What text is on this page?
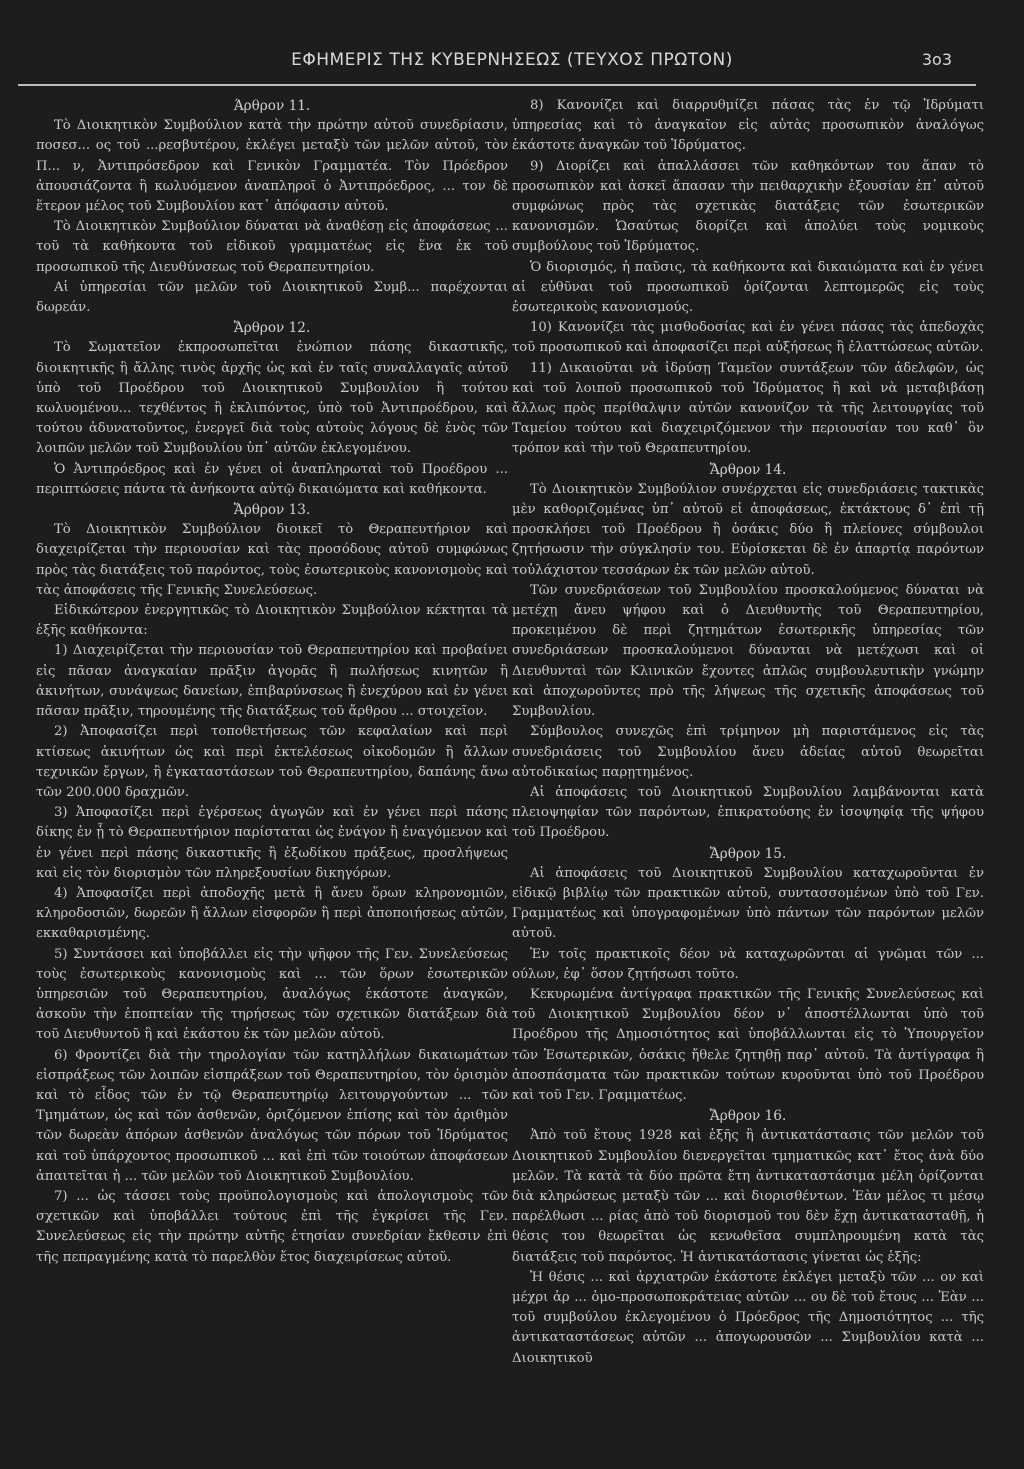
ΕΦΗΜΕΡΙΣ ΤΗΣ ΚΥΒΕΡΝΗΣΕΩΣ (ΤΕΥΧΟΣ ΠΡΩΤΟΝ)	3ο3

Άρθρον 11.

Τὸ Διοικητικὸν Συμβούλιον κατὰ τὴν πρώτην αὐτοῦ συνεδρίασιν, ποσεσ... ος τοῦ ...ρεσβυτέρου, ἐκλέγει μεταξὺ τῶν μελῶν αὐτοῦ, τὸν Π... ν, Ἀντιπρόσεδρον καὶ Γενικὸν Γραμματέα. Τὸν Πρόεδρον ἀπουσιάζοντα ἢ κωλυόμενον ἀναπληροῖ ὁ Ἀντιπρόεδρος, ... τον δὲ ἕτερον μέλος τοῦ Συμβουλίου κατ᾿ ἀπόφασιν αὐτοῦ.

Τὸ Διοικητικὸν Συμβούλιον δύναται νὰ ἀναθέσῃ εἰς ἀποφάσεως ... τοῦ τὰ καθήκοντα τοῦ εἰδικοῦ γραμματέως εἰς ἕνα ἐκ τοῦ προσωπικοῦ τῆς Διευθύνσεως τοῦ Θεραπευτηρίου.

Αἱ ὑπηρεσίαι τῶν μελῶν τοῦ Διοικητικοῦ Συμβ... παρέχονται δωρεάν.

Ἄρθρον 12.

Τὸ Σωματεῖον ἐκπροσωπεῖται ἐνώπιον πάσης δικαστικῆς, διοικητικῆς ἢ ἄλλης τινὸς ἀρχῆς ὡς καὶ ἐν ταῖς συναλλαγαῖς αὐτοῦ ὑπὸ τοῦ Προέδρου τοῦ Διοικητικοῦ Συμβουλίου ἢ τούτου κωλυομένου... τεχθέντος ἢ ἐκλιπόντος, ὑπὸ τοῦ Ἀντιπροέδρου, καὶ τούτου ἀδυνατοῦντος, ἐνεργεῖ διὰ τοὺς αὐτοὺς λόγους δὲ ἑνὸς τῶν λοιπῶν μελῶν τοῦ Συμβουλίου ὑπ᾿ αὐτῶν ἐκλεγομένου.

Ὁ Ἀντιπρόεδρος καὶ ἐν γένει οἱ ἀναπληρωταὶ τοῦ Προέδρου ... περιπτώσεις πάντα τὰ ἀνήκοντα αὐτῷ δικαιώματα καὶ καθήκοντα.

Ἄρθρον 13.

Τὸ Διοικητικὸν Συμβούλιον διοικεῖ τὸ Θεραπευτήριον καὶ διαχειρίζεται τὴν περιουσίαν καὶ τὰς προσόδους αὐτοῦ συμφώνως πρὸς τὰς διατάξεις τοῦ παρόντος, τοὺς ἐσωτερικοὺς κανονισμοὺς καὶ τὰς ἀποφάσεις τῆς Γενικῆς Συνελεύσεως.

Εἰδικώτερον ἐνεργητικῶς τὸ Διοικητικὸν Συμβούλιον κέκτηται τὰ ἑξῆς καθήκοντα:

1) Διαχειρίζεται τὴν περιουσίαν τοῦ Θεραπευτηρίου καὶ προβαίνει εἰς πᾶσαν ἀναγκαίαν πρᾶξιν ἀγορᾶς ἢ πωλήσεως κινητῶν ἢ ἀκινήτων, συνάψεως δανείων, ἐπιβαρύνσεως ἢ ἐνεχύρου καὶ ἐν γένει πᾶσαν πρᾶξιν, τηρουμένης τῆς διατάξεως τοῦ ἄρθρου ... στοιχεῖον.

2) Ἀποφασίζει περὶ τοποθετήσεως τῶν κεφαλαίων καὶ περὶ κτίσεως ἀκινήτων ὡς καὶ περὶ ἐκτελέσεως οἰκοδομῶν ἢ ἄλλων τεχνικῶν ἔργων, ἢ ἐγκαταστάσεων τοῦ Θεραπευτηρίου, δαπάνης ἄνω τῶν 200.000 δραχμῶν.

3) Ἀποφασίζει περὶ ἐγέρσεως ἀγωγῶν καὶ ἐν γένει περὶ πάσης δίκης ἐν ᾗ τὸ Θεραπευτήριον παρίσταται ὡς ἐνάγον ἢ ἐναγόμενον καὶ ἐν γένει περὶ πάσης δικαστικῆς ἢ ἐξωδίκου πράξεως, προσλήψεως καὶ εἰς τὸν διορισμὸν τῶν πληρεξουσίων δικηγόρων.

4) Ἀποφασίζει περὶ ἀποδοχῆς μετὰ ἢ ἄνευ ὅρων κληρονομιῶν, κληροδοσιῶν, δωρεῶν ἢ ἄλλων εἰσφορῶν ἢ περὶ ἀποποιήσεως αὐτῶν, εκκαθαρισμένης.

5) Συντάσσει καὶ ὑποβάλλει εἰς τὴν ψῆφον τῆς Γεν. Συνελεύσεως τοὺς ἐσωτερικοὺς κανονισμοὺς καὶ ... τῶν ὅρων ἐσωτερικῶν ὑπηρεσιῶν τοῦ Θεραπευτηρίου, ἀναλόγως ἑκάστοτε ἀναγκῶν, ἀσκοῦν τὴν ἐποπτείαν τῆς τηρήσεως τῶν σχετικῶν διατάξεων διὰ τοῦ Διευθυντοῦ ἢ καὶ ἑκάστου ἐκ τῶν μελῶν αὐτοῦ.

6) Φροντίζει διὰ τὴν τηρολογίαν τῶν κατηλλήλων δικαιωμάτων εἰσπράξεως τῶν λοιπῶν εἰσπράξεων τοῦ Θεραπευτηρίου, τὸν ὁρισμὸν καὶ τὸ εἶδος τῶν ἐν τῷ Θεραπευτηρίῳ λειτουργούντων ... τῶν Τμημάτων, ὡς καὶ τῶν ἀσθενῶν, ὁριζόμενον ἐπίσης καὶ τὸν ἀριθμὸν τῶν δωρεὰν ἀπόρων ἀσθενῶν ἀναλόγως τῶν πόρων τοῦ Ἱδρύματος καὶ τοῦ ὑπάρχοντος προσωπικοῦ ... καὶ ἐπὶ τῶν τοιούτων ἀποφάσεων ἀπαιτεῖται ἡ ... τῶν μελῶν τοῦ Διοικητικοῦ Συμβουλίου.

7) ... ὡς τάσσει τοὺς προϋπολογισμοὺς καὶ ἀπολογισμοὺς τῶν σχετικῶν καὶ ὑποβάλλει τούτους ἐπὶ τῆς ἐγκρίσει τῆς Γεν. Συνελεύσεως εἰς τὴν πρώτην αὐτῆς ἐτησίαν συνεδρίαν ἔκθεσιν ἐπὶ τῆς πεπραγμένης κατὰ τὸ παρελθὸν ἔτος διαχειρίσεως αὐτοῦ.

8) Κανονίζει καὶ διαρρυθμίζει πάσας τὰς ἐν τῷ Ἱδρύματι ὑπηρεσίας καὶ τὸ ἀναγκαῖον εἰς αὐτὰς προσωπικὸν ἀναλόγως ἑκάστοτε ἀναγκῶν τοῦ Ἱδρύματος.

9) Διορίζει καὶ ἀπαλλάσσει τῶν καθηκόντων του ἅπαν τὸ προσωπικὸν καὶ ἀσκεῖ ἅπασαν τὴν πειθαρχικὴν ἐξουσίαν ἐπ᾿ αὐτοῦ συμφώνως πρὸς τὰς σχετικὰς διατάξεις τῶν ἐσωτερικῶν κανονισμῶν. Ὡσαύτως διορίζει καὶ ἀπολύει τοὺς νομικοὺς συμβούλους τοῦ Ἱδρύματος.

Ὁ διορισμός, ἡ παῦσις, τὰ καθήκοντα καὶ δικαιώματα καὶ ἐν γένει αἱ εὐθῦναι τοῦ προσωπικοῦ ὁρίζονται λεπτομερῶς εἰς τοὺς ἐσωτερικοὺς κανονισμούς.

10) Κανονίζει τὰς μισθοδοσίας καὶ ἐν γένει πάσας τὰς ἀπεδοχὰς τοῦ προσωπικοῦ καὶ ἀποφασίζει περὶ αὐξήσεως ἢ ἐλαττώσεως αὐτῶν.

11) Δικαιοῦται νὰ ἱδρύσῃ Ταμεῖον συντάξεων τῶν ἀδελφῶν, ὡς καὶ τοῦ λοιποῦ προσωπικοῦ τοῦ Ἱδρύματος ἢ καὶ νὰ μεταβιβάσῃ ἄλλως πρὸς περίθαλψιν αὐτῶν κανονίζον τὰ τῆς λειτουργίας τοῦ Ταμείου τούτου καὶ διαχειριζόμενον τὴν περιουσίαν του καθ᾿ ὃν τρόπον καὶ τὴν τοῦ Θεραπευτηρίου.

Ἄρθρον 14.

Τὸ Διοικητικὸν Συμβούλιον συνέρχεται εἰς συνεδριάσεις τακτικὰς μὲν καθοριζομένας ὑπ᾿ αὐτοῦ εἰ ἀποφάσεως, ἐκτάκτους δ᾿ ἐπὶ τῇ προσκλήσει τοῦ Προέδρου ἢ ὁσάκις δύο ἢ πλείονες σύμβουλοι ζητήσωσιν τὴν σύγκλησίν του. Εὑρίσκεται δὲ ἐν ἀπαρτίᾳ παρόντων τοὐλάχιστον τεσσάρων ἐκ τῶν μελῶν αὐτοῦ.

Τῶν συνεδριάσεων τοῦ Συμβουλίου προσκαλούμενος δύναται νὰ μετέχῃ ἄνευ ψήφου καὶ ὁ Διευθυντὴς τοῦ Θεραπευτηρίου, προκειμένου δὲ περὶ ζητημάτων ἐσωτερικῆς ὑπηρεσίας τῶν συνεδριάσεων προσκαλούμενοι δύνανται νὰ μετέχωσι καὶ οἱ Διευθυνταὶ τῶν Κλινικῶν ἔχοντες ἁπλῶς συμβουλευτικὴν γνώμην καὶ ἀποχωροῦντες πρὸ τῆς λήψεως τῆς σχετικῆς ἀποφάσεως τοῦ Συμβουλίου.

Σύμβουλος συνεχῶς ἐπὶ τρίμηνον μὴ παριστάμενος εἰς τὰς συνεδριάσεις τοῦ Συμβουλίου ἄνευ ἀδείας αὐτοῦ θεωρεῖται αὐτοδικαίως παρῃτημένος.

Αἱ ἀποφάσεις τοῦ Διοικητικοῦ Συμβουλίου λαμβάνονται κατὰ πλειοψηφίαν τῶν παρόντων, ἐπικρατούσης ἐν ἰσοψηφίᾳ τῆς ψήφου τοῦ Προέδρου.

Ἄρθρον 15.

Αἱ ἀποφάσεις τοῦ Διοικητικοῦ Συμβουλίου καταχωροῦνται ἐν εἰδικῷ βιβλίῳ τῶν πρακτικῶν αὐτοῦ, συντασσομένων ὑπὸ τοῦ Γεν. Γραμματέως καὶ ὑπογραφομένων ὑπὸ πάντων τῶν παρόντων μελῶν αὐτοῦ.

Ἐν τοῖς πρακτικοῖς δέον νὰ καταχωρῶνται αἱ γνῶμαι τῶν ... ούλων, ἐφ᾿ ὅσον ζητήσωσι τοῦτο.

Κεκυρωμένα ἀντίγραφα πρακτικῶν τῆς Γενικῆς Συνελεύσεως καὶ τοῦ Διοικητικοῦ Συμβουλίου δέον ν᾿ ἀποστέλλωνται ὑπὸ τοῦ Προέδρου τῆς Δημοσιότητος καὶ ὑποβάλλωνται εἰς τὸ Ὑπουργεῖον τῶν Ἐσωτερικῶν, ὁσάκις ἤθελε ζητηθῇ παρ᾿ αὐτοῦ. Τὰ ἀντίγραφα ἢ ἀποσπάσματα τῶν πρακτικῶν τούτων κυροῦνται ὑπὸ τοῦ Προέδρου καὶ τοῦ Γεν. Γραμματέως.

Ἄρθρον 16.

Ἀπὸ τοῦ ἔτους 1928 καὶ ἑξῆς ἢ ἀντικατάστασις τῶν μελῶν τοῦ Διοικητικοῦ Συμβουλίου διενεργεῖται τμηματικῶς κατ᾿ ἔτος ἀνὰ δύο μελῶν. Τὰ κατὰ τὰ δύο πρῶτα ἔτη ἀντικαταστάσιμα μέλη ὁρίζονται διὰ κληρώσεως μεταξὺ τῶν ... καὶ διορισθέντων. Ἐὰν μέλος τι μέσῳ παρέλθωσι ... ρίας ἀπὸ τοῦ διορισμοῦ του δὲν ἔχῃ ἀντικατασταθῇ, ἡ θέσις του θεωρεῖται ὡς κενωθεῖσα συμπληρουμένη κατὰ τὰς διατάξεις τοῦ παρόντος. Ἡ ἀντικατάστασις γίνεται ὡς ἑξῆς:

Ἡ θέσις ... καὶ ἀρχιατρῶν ἐκάστοτε ἐκλέγει μεταξὺ τῶν ... ον καὶ μέχρι ἀρ ... ὁμο-προσωποκράτειας αὐτῶν ... ου δὲ τοῦ ἔτους ... Ἐὰν ... τοῦ συμβούλου ἐκλεγομένου ὁ Πρόεδρος τῆς Δημοσιότητος ... τῆς ἀντικαταστάσεως αὐτῶν ... ἀπογωρουσῶν ... Συμβουλίου κατὰ ... Διοικητικοῦ
